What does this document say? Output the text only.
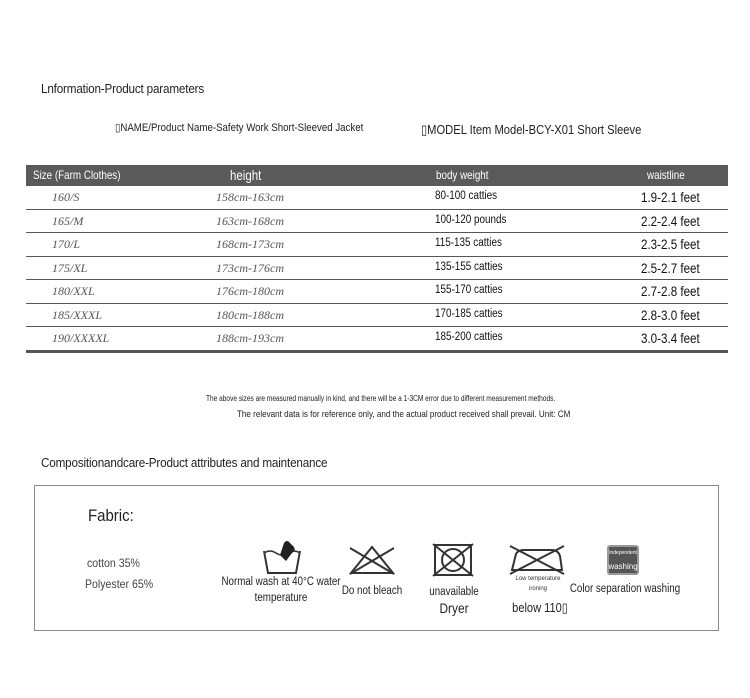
Lnformation-Product parameters
▯NAME/Product Name-Safety Work Short-Sleeved Jacket	▯MODEL Item Model-BCY-X01 Short Sleeve
Size (Farm Clothes)	height	body weight	waistline
160/S	158cm-163cm	80-100 catties	1.9-2.1 feet
165/M	163cm-168cm	100-120 pounds	2.2-2.4 feet
170/L	168cm-173cm	115-135 catties	2.3-2.5 feet
175/XL	173cm-176cm	135-155 catties	2.5-2.7 feet
180/XXL	176cm-180cm	155-170 catties	2.7-2.8 feet
185/XXXL	180cm-188cm	170-185 catties	2.8-3.0 feet
190/XXXXL	188cm-193cm	185-200 catties	3.0-3.4 feet
The above sizes are measured manually in kind, and there will be a 1-3CM error due to different measurement methods.
The relevant data is for reference only, and the actual product received shall prevail. Unit: CM
Compositionandcare-Product attributes and maintenance
Fabric:
cotton 35%
Polyester 65%	Normal wash at 40°C water
temperature
Do not bleach unavailable
Dryer
Low temperature
ironing
below 110▯
Independent
washing
Color separation washing
